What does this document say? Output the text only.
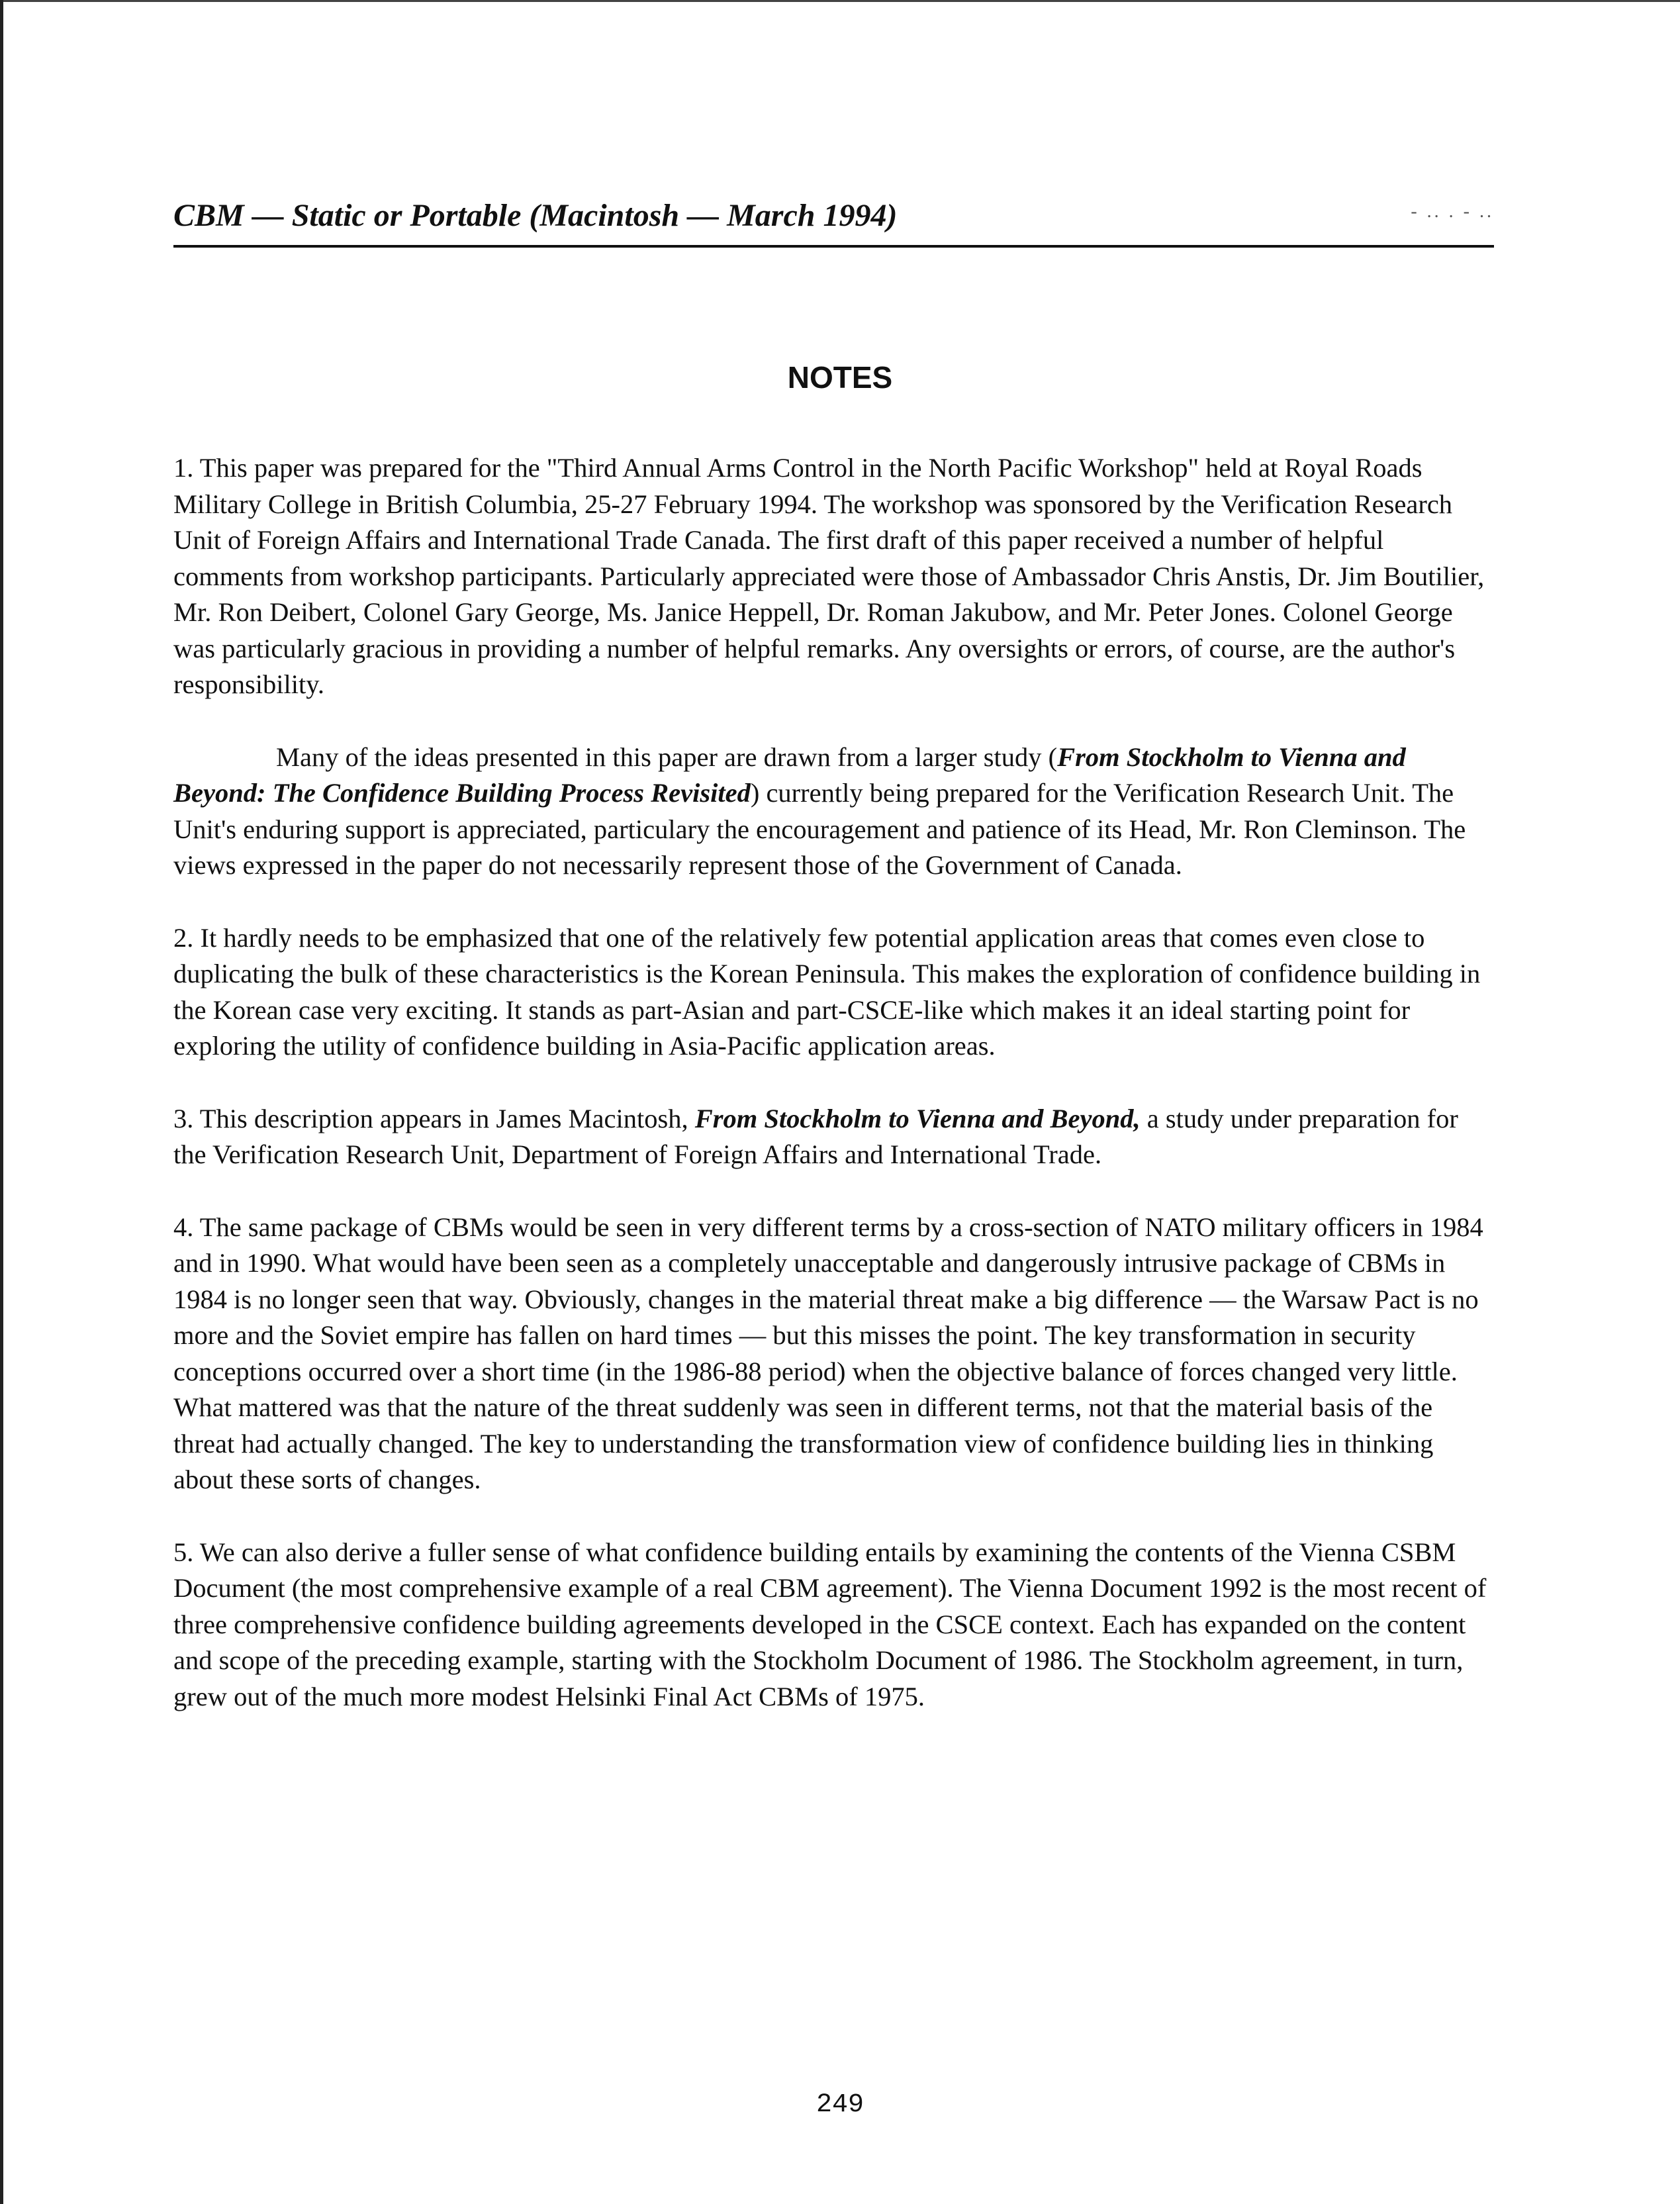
CBM — Static or Portable (Macintosh — March 1994)	- .. . - ..
NOTES

1. This paper was prepared for the "Third Annual Arms Control in the North Pacific Workshop" held at Royal Roads Military College in British Columbia, 25-27 February 1994. The workshop was sponsored by the Verification Research Unit of Foreign Affairs and International Trade Canada. The first draft of this paper received a number of helpful comments from workshop participants. Particularly appreciated were those of Ambassador Chris Anstis, Dr. Jim Boutilier, Mr. Ron Deibert, Colonel Gary George, Ms. Janice Heppell, Dr. Roman Jakubow, and Mr. Peter Jones. Colonel George was particularly gracious in providing a number of helpful remarks. Any oversights or errors, of course, are the author's responsibility.

Many of the ideas presented in this paper are drawn from a larger study (From Stockholm to Vienna and Beyond: The Confidence Building Process Revisited) currently being prepared for the Verification Research Unit. The Unit's enduring support is appreciated, particulary the encouragement and patience of its Head, Mr. Ron Cleminson. The views expressed in the paper do not necessarily represent those of the Government of Canada.

2. It hardly needs to be emphasized that one of the relatively few potential application areas that comes even close to duplicating the bulk of these characteristics is the Korean Peninsula. This makes the exploration of confidence building in the Korean case very exciting. It stands as part-Asian and part-CSCE-like which makes it an ideal starting point for exploring the utility of confidence building in Asia-Pacific application areas.

3. This description appears in James Macintosh, From Stockholm to Vienna and Beyond, a study under preparation for the Verification Research Unit, Department of Foreign Affairs and International Trade.

4. The same package of CBMs would be seen in very different terms by a cross-section of NATO military officers in 1984 and in 1990. What would have been seen as a completely unacceptable and dangerously intrusive package of CBMs in 1984 is no longer seen that way. Obviously, changes in the material threat make a big difference — the Warsaw Pact is no more and the Soviet empire has fallen on hard times — but this misses the point. The key transformation in security conceptions occurred over a short time (in the 1986-88 period) when the objective balance of forces changed very little. What mattered was that the nature of the threat suddenly was seen in different terms, not that the material basis of the threat had actually changed. The key to understanding the transformation view of confidence building lies in thinking about these sorts of changes.

5. We can also derive a fuller sense of what confidence building entails by examining the contents of the Vienna CSBM Document (the most comprehensive example of a real CBM agreement). The Vienna Document 1992 is the most recent of three comprehensive confidence building agreements developed in the CSCE context. Each has expanded on the content and scope of the preceding example, starting with the Stockholm Document of 1986. The Stockholm agreement, in turn, grew out of the much more modest Helsinki Final Act CBMs of 1975.

249
